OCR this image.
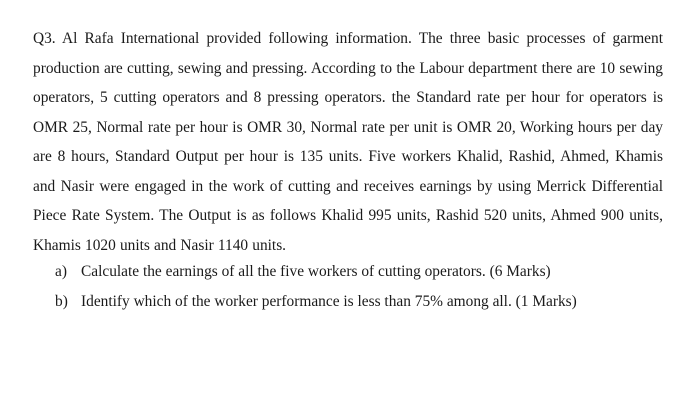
Q3. Al Rafa International provided following information. The three basic processes of garment production are cutting, sewing and pressing. According to the Labour department there are 10 sewing operators, 5 cutting operators and 8 pressing operators. the Standard rate per hour for operators is OMR 25, Normal rate per hour is OMR 30, Normal rate per unit is OMR 20, Working hours per day are 8 hours, Standard Output per hour is 135 units. Five workers Khalid, Rashid, Ahmed, Khamis and Nasir were engaged in the work of cutting and receives earnings by using Merrick Differential Piece Rate System. The Output is as follows Khalid 995 units, Rashid 520 units, Ahmed 900 units, Khamis 1020 units and Nasir 1140 units.

a) Calculate the earnings of all the five workers of cutting operators. (6 Marks)
b) Identify which of the worker performance is less than 75% among all. (1 Marks)
